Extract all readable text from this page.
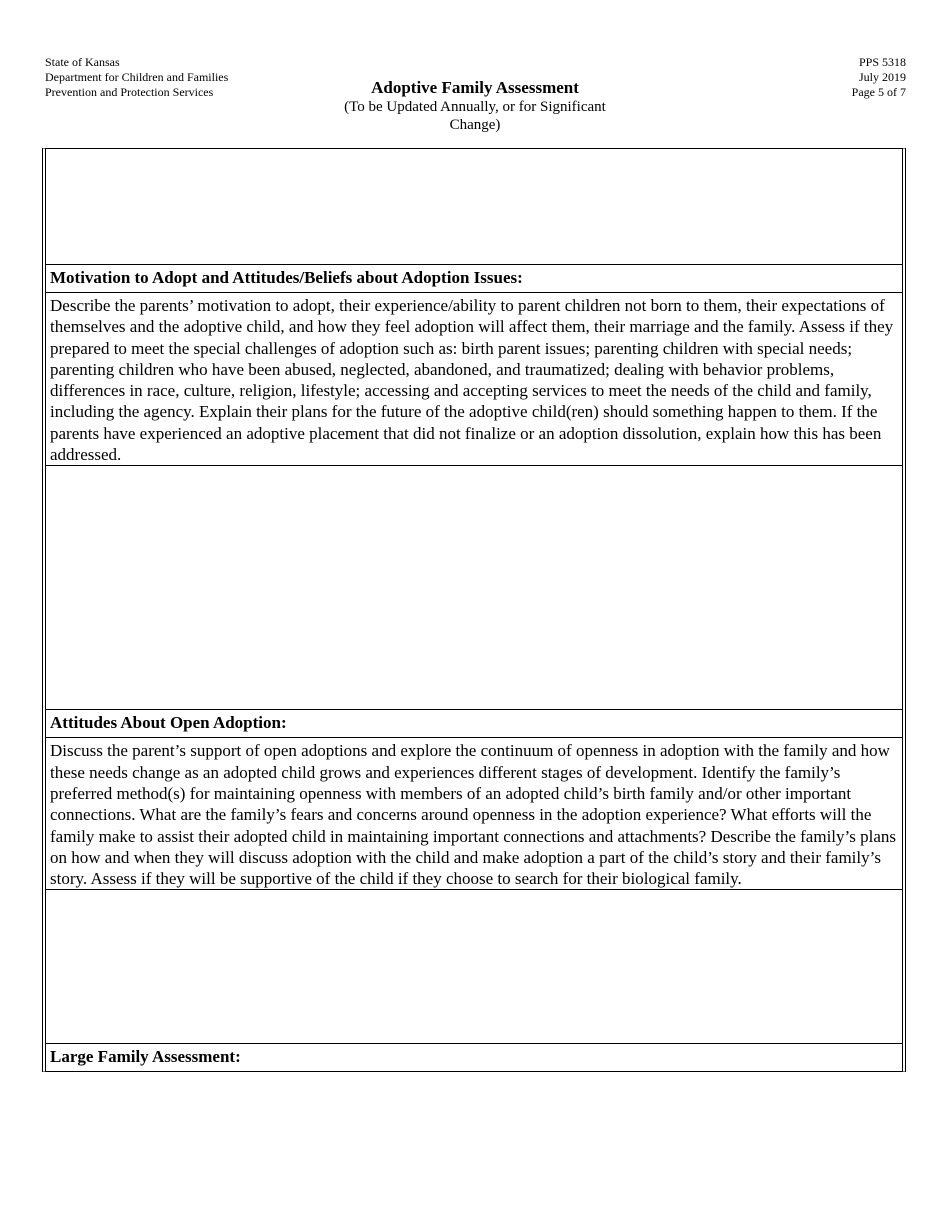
State of Kansas
Department for Children and Families
Prevention and Protection Services	Adoptive Family Assessment
(To be Updated Annually, or for Significant
Change)
PPS 5318
July 2019
Page 5 of 7
Motivation to Adopt and Attitudes/Beliefs about Adoption Issues:
Describe the parents’ motivation to adopt, their experience/ability to parent children not born to them, their expectations of themselves and the adoptive child, and how they feel adoption will affect them, their marriage and the family. Assess if they prepared to meet the special challenges of adoption such as: birth parent issues; parenting children with special needs; parenting children who have been abused, neglected, abandoned, and traumatized; dealing with behavior problems, differences in race, culture, religion, lifestyle; accessing and accepting services to meet the needs of the child and family, including the agency. Explain their plans for the future of the adoptive child(ren) should something happen to them. If the parents have experienced an adoptive placement that did not finalize or an adoption dissolution, explain how this has been addressed.
Attitudes About Open Adoption:
Discuss the parent’s support of open adoptions and explore the continuum of openness in adoption with the family and how these needs change as an adopted child grows and experiences different stages of development. Identify the family’s preferred method(s) for maintaining openness with members of an adopted child’s birth family and/or other important connections. What are the family’s fears and concerns around openness in the adoption experience? What efforts will the family make to assist their adopted child in maintaining important connections and attachments? Describe the family’s plans on how and when they will discuss adoption with the child and make adoption a part of the child’s story and their family’s story. Assess if they will be supportive of the child if they choose to search for their biological family.
Large Family Assessment:
